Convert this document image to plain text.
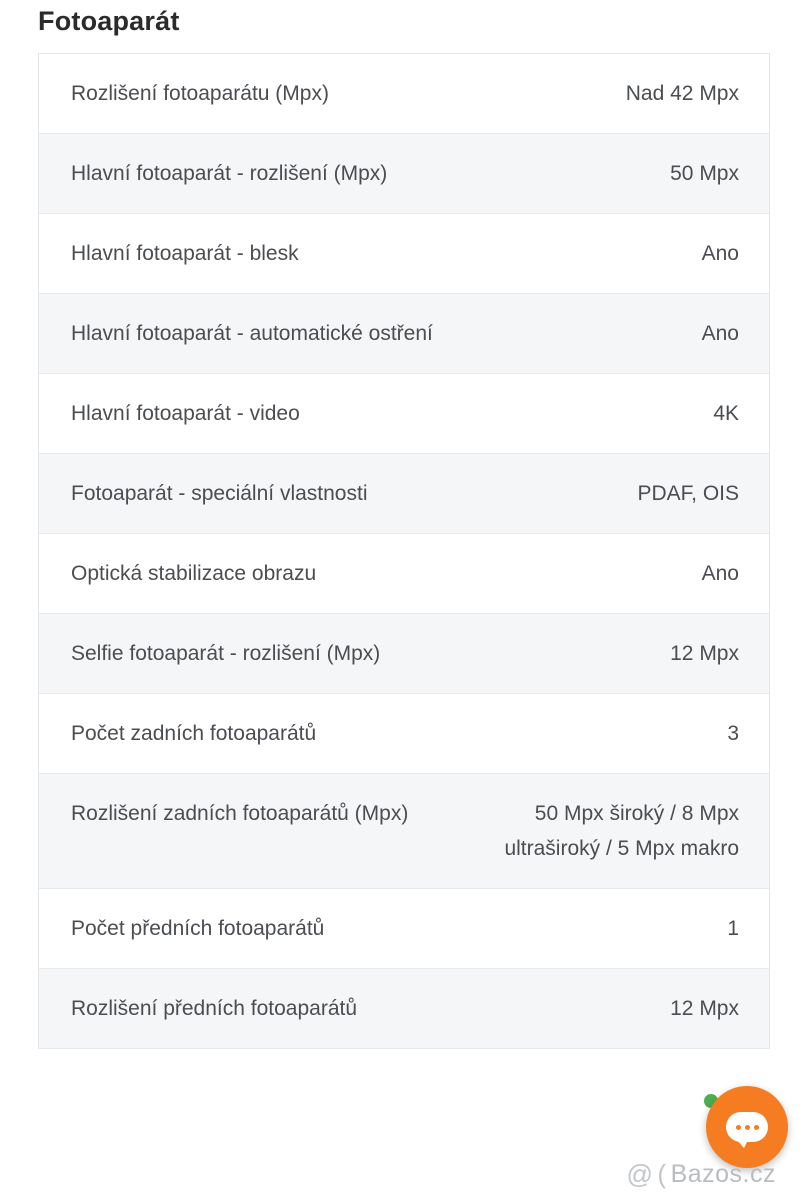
Fotoaparát
Rozlišení fotoaparátu (Mpx)	Nad 42 Mpx
Hlavní fotoaparát - rozlišení (Mpx)	50 Mpx
Hlavní fotoaparát - blesk	Ano
Hlavní fotoaparát - automatické ostření	Ano
Hlavní fotoaparát - video	4K
Fotoaparát - speciální vlastnosti	PDAF, OIS
Optická stabilizace obrazu	Ano
Selfie fotoaparát - rozlišení (Mpx)	12 Mpx
Počet zadních fotoaparátů	3
Rozlišení zadních fotoaparátů (Mpx)	50 Mpx široký / 8 Mpx ultraširoký / 5 Mpx makro
Počet předních fotoaparátů	1
Rozlišení předních fotoaparátů	12 Mpx
@ ( Bazos.cz
